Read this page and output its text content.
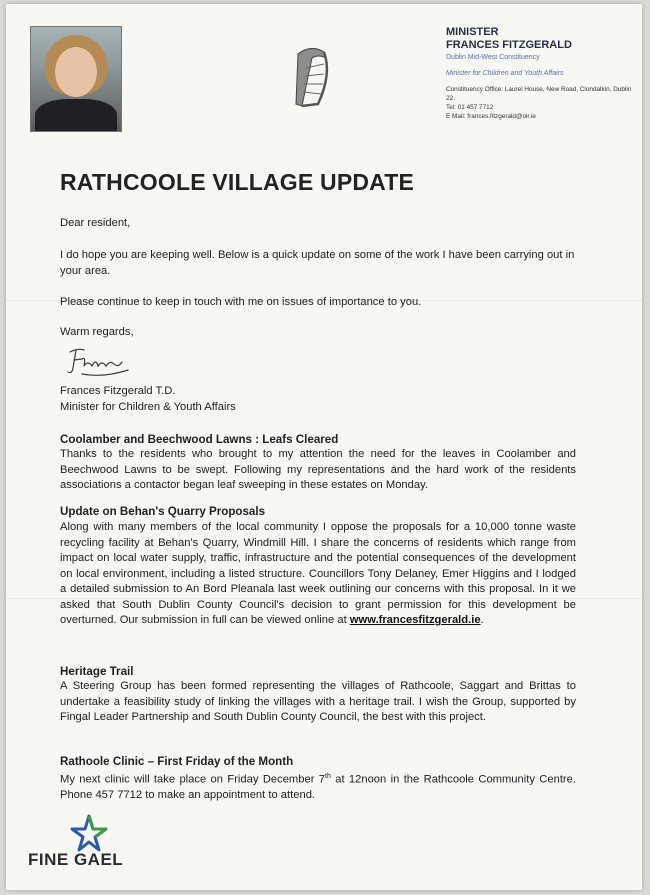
MINISTER
FRANCES FITZGERALD
Dublin Mid-West Constituency
Minister for Children and Youth Affairs
Constituency Office: Laurel House, New Road, Clondalkin, Dublin 22.
Tel: 01 457 7712
E Mail: frances.fitzgerald@oir.ie
RATHCOOLE VILLAGE UPDATE
Dear resident,
I do hope you are keeping well. Below is a quick update on some of the work I have been carrying out in your area.
Please continue to keep in touch with me on issues of importance to you.
Warm regards,
Frances Fitzgerald T.D.
Minister for Children & Youth Affairs
Coolamber and Beechwood Lawns : Leafs Cleared
Thanks to the residents who brought to my attention the need for the leaves in Coolamber and Beechwood Lawns to be swept. Following my representations and the hard work of the residents associations a contactor began leaf sweeping in these estates on Monday.
Update on Behan's Quarry Proposals
Along with many members of the local community I oppose the proposals for a 10,000 tonne waste recycling facility at Behan's Quarry, Windmill Hill. I share the concerns of residents which range from impact on local water supply, traffic, infrastructure and the potential consequences of the development on local environment, including a listed structure. Councillors Tony Delaney, Emer Higgins and I lodged a detailed submission to An Bord Pleanala last week outlining our concerns with this proposal. In it we asked that South Dublin County Council's decision to grant permission for this development be overturned. Our submission in full can be viewed online at www.francesfitzgerald.ie.
Heritage Trail
A Steering Group has been formed representing the villages of Rathcoole, Saggart and Brittas to undertake a feasibility study of linking the villages with a heritage trail. I wish the Group, supported by Fingal Leader Partnership and South Dublin County Council, the best with this project.
Rathoole Clinic – First Friday of the Month
My next clinic will take place on Friday December 7th at 12noon in the Rathcoole Community Centre. Phone 457 7712 to make an appointment to attend.
FINE GAEL
